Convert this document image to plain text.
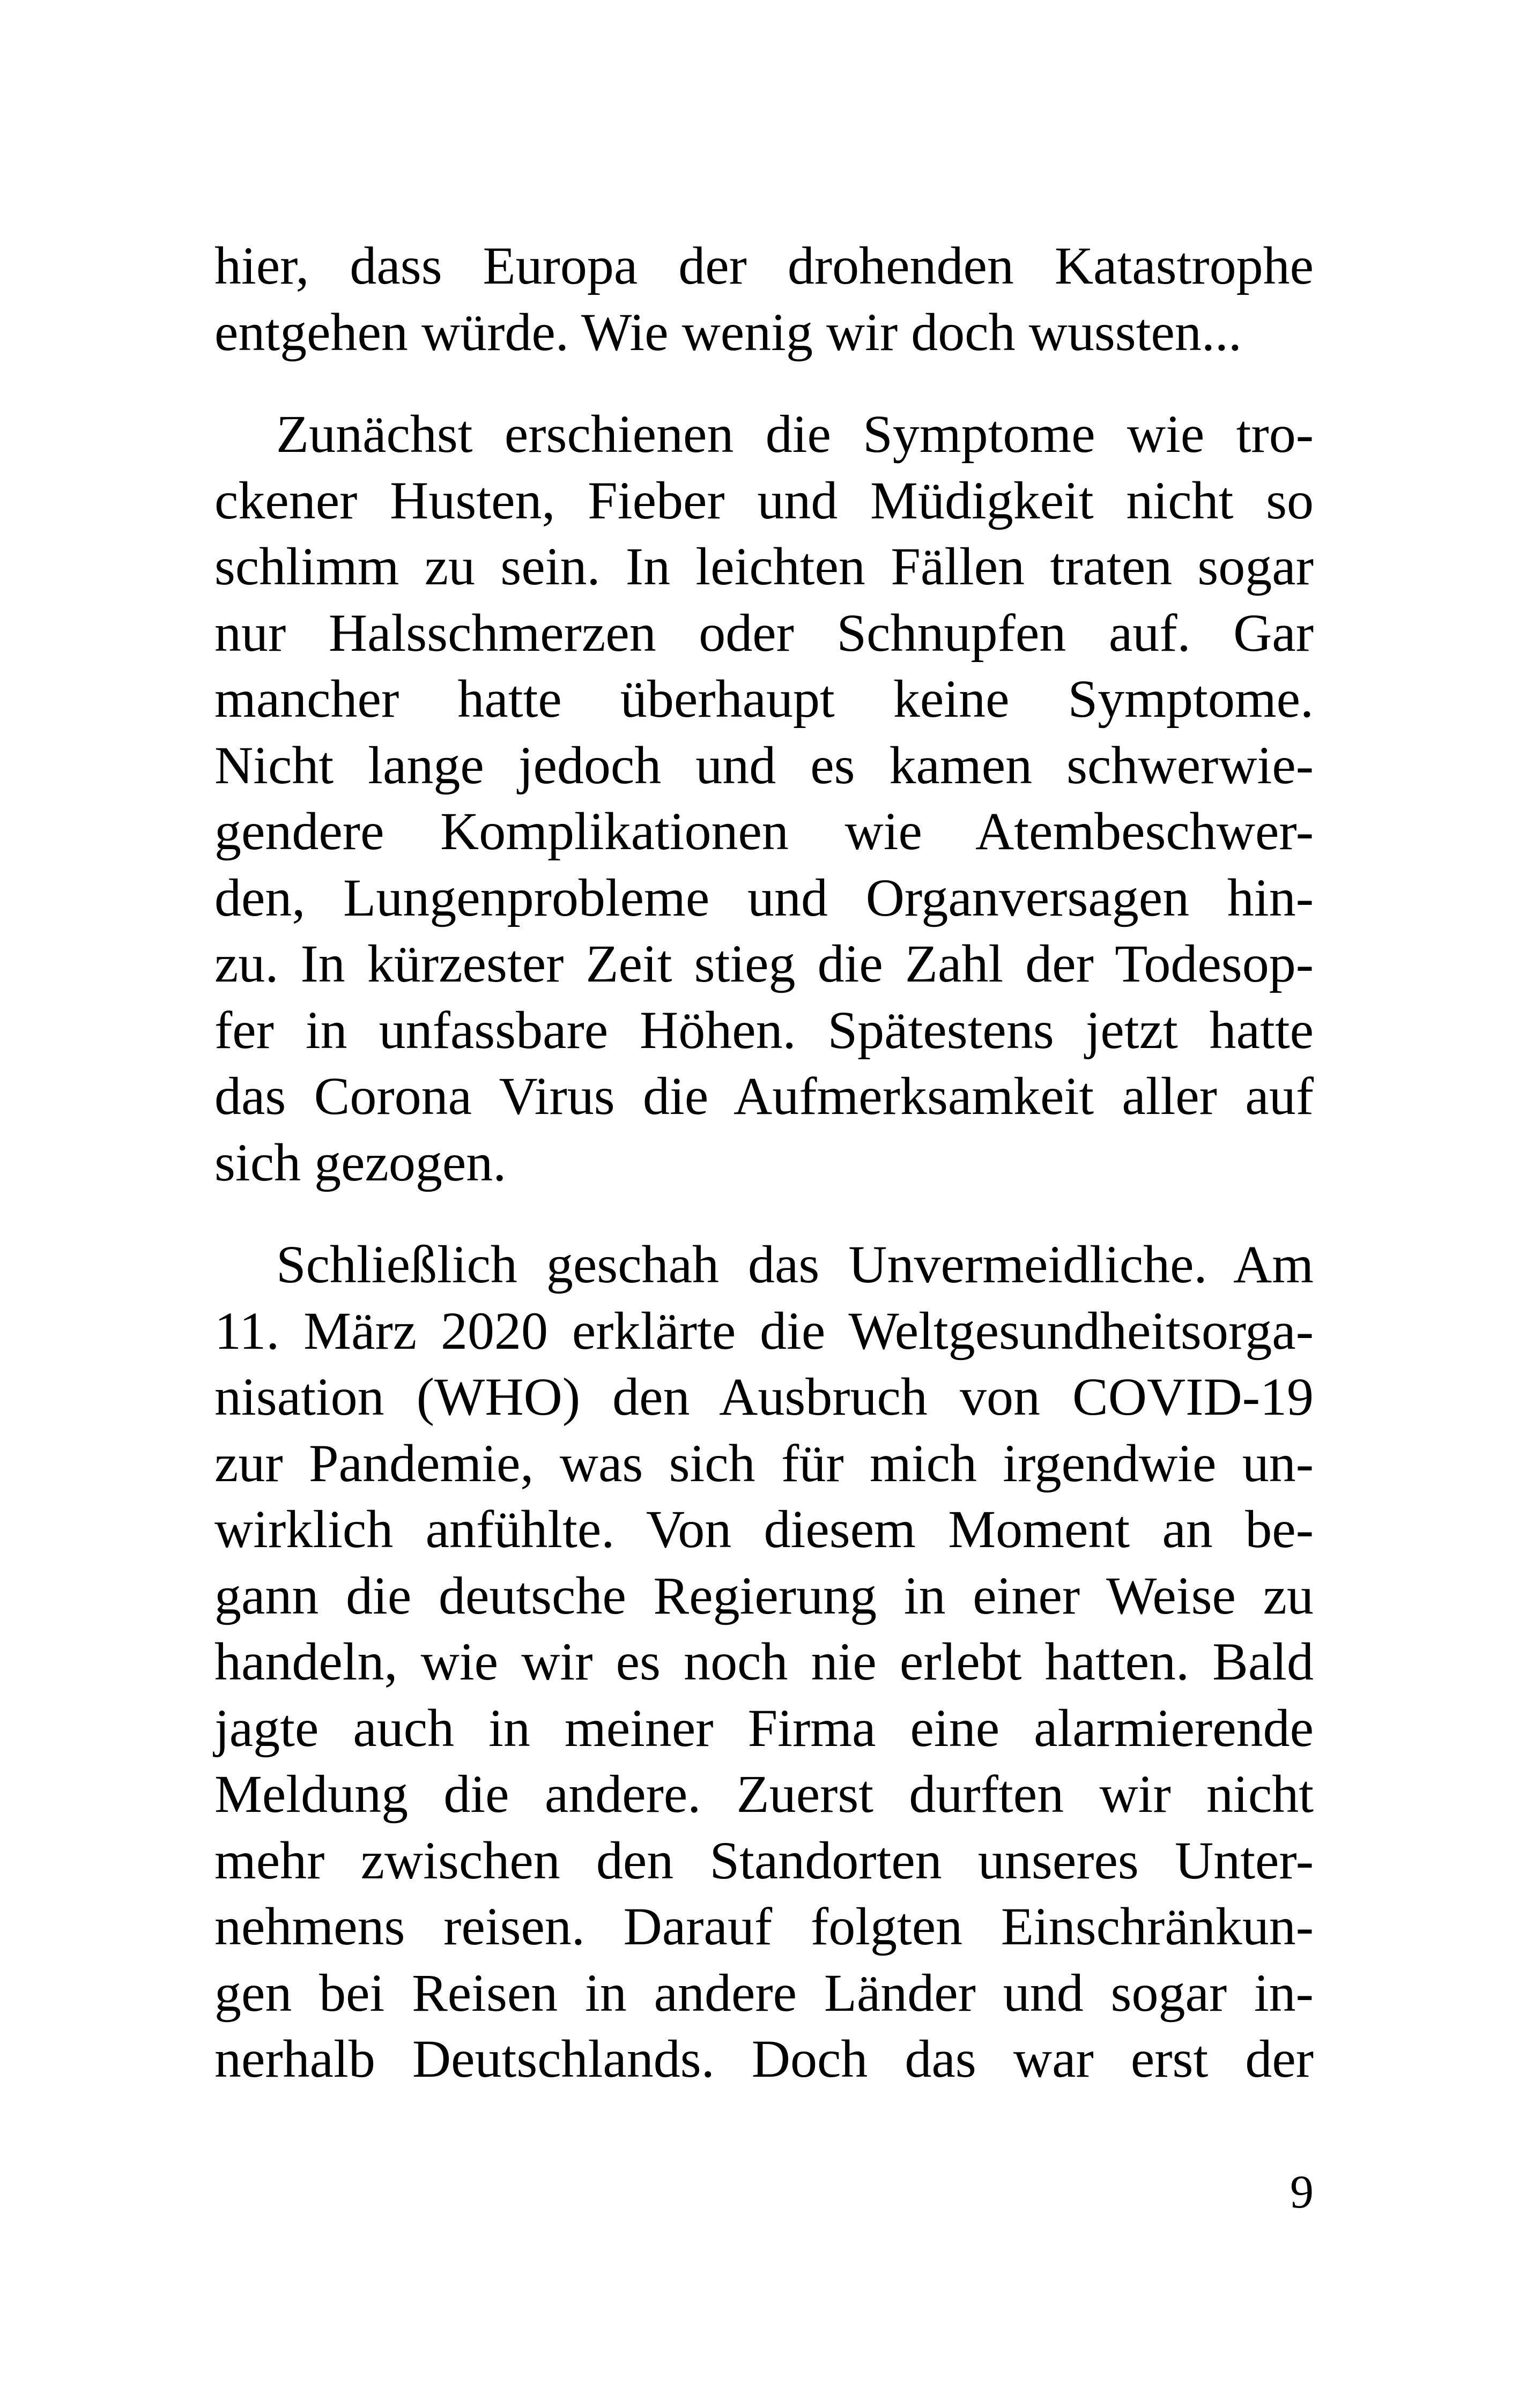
hier, dass Europa der drohenden Katastrophe
entgehen würde. Wie wenig wir doch wussten...
Zunächst erschienen die Symptome wie tro-
ckener Husten, Fieber und Müdigkeit nicht so
schlimm zu sein. In leichten Fällen traten sogar
nur Halsschmerzen oder Schnupfen auf. Gar
mancher hatte überhaupt keine Symptome.
Nicht lange jedoch und es kamen schwerwie-
gendere Komplikationen wie Atembeschwer-
den, Lungenprobleme und Organversagen hin-
zu. In kürzester Zeit stieg die Zahl der Todesop-
fer in unfassbare Höhen. Spätestens jetzt hatte
das Corona Virus die Aufmerksamkeit aller auf
sich gezogen.
Schließlich geschah das Unvermeidliche. Am
11. März 2020 erklärte die Weltgesundheitsorga-
nisation (WHO) den Ausbruch von COVID-19
zur Pandemie, was sich für mich irgendwie un-
wirklich anfühlte. Von diesem Moment an be-
gann die deutsche Regierung in einer Weise zu
handeln, wie wir es noch nie erlebt hatten. Bald
jagte auch in meiner Firma eine alarmierende
Meldung die andere. Zuerst durften wir nicht
mehr zwischen den Standorten unseres Unter-
nehmens reisen. Darauf folgten Einschränkun-
gen bei Reisen in andere Länder und sogar in-
nerhalb Deutschlands. Doch das war erst der
9
